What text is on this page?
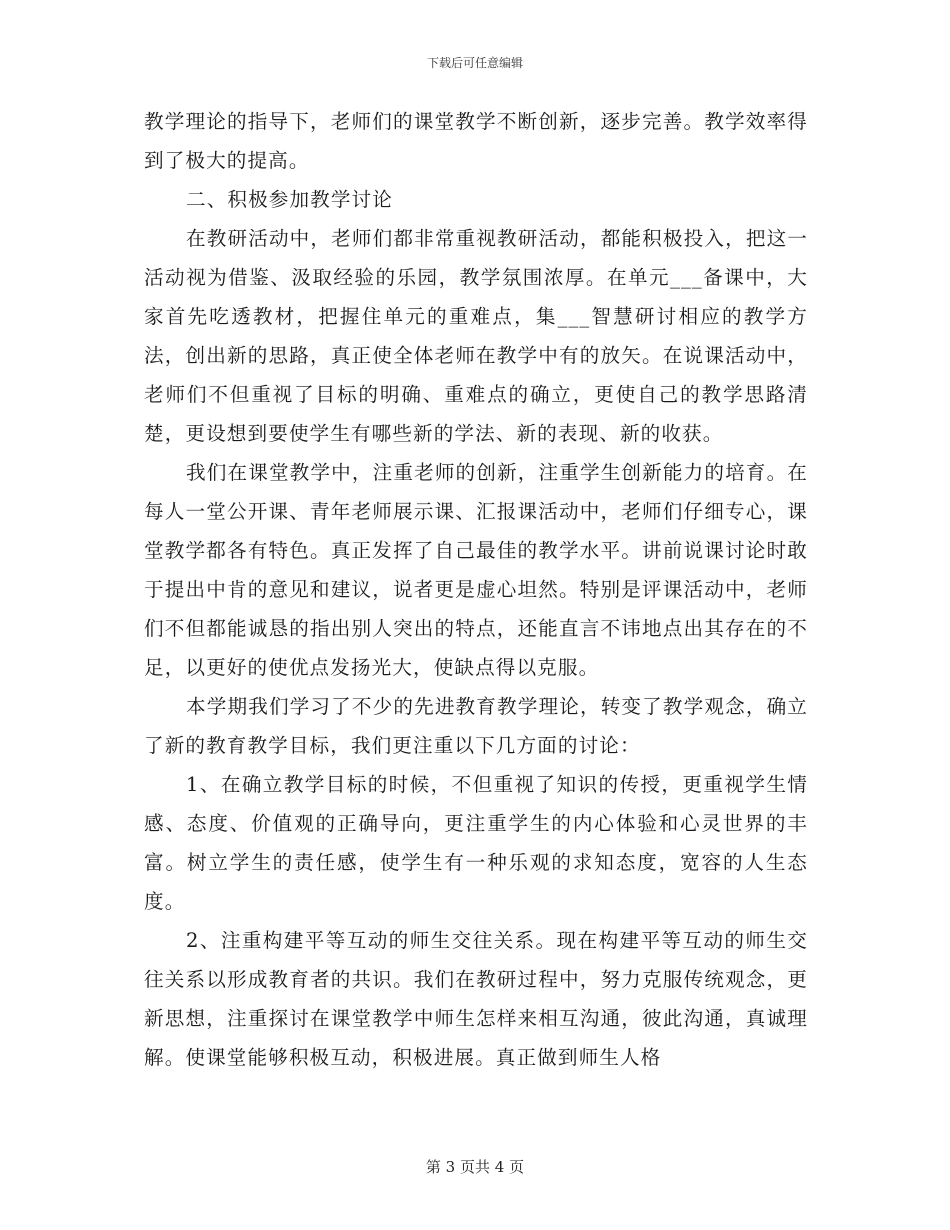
下载后可任意编辑

教学理论的指导下，老师们的课堂教学不断创新，逐步完善。教学效率得到了极大的提高。

二、积极参加教学讨论

在教研活动中，老师们都非常重视教研活动，都能积极投入，把这一活动视为借鉴、汲取经验的乐园，教学氛围浓厚。在单元___备课中，大家首先吃透教材，把握住单元的重难点，集___智慧研讨相应的教学方法，创出新的思路，真正使全体老师在教学中有的放矢。在说课活动中，老师们不但重视了目标的明确、重难点的确立，更使自己的教学思路清楚，更设想到要使学生有哪些新的学法、新的表现、新的收获。

我们在课堂教学中，注重老师的创新，注重学生创新能力的培育。在每人一堂公开课、青年老师展示课、汇报课活动中，老师们仔细专心，课堂教学都各有特色。真正发挥了自己最佳的教学水平。讲前说课讨论时敢于提出中肯的意见和建议，说者更是虚心坦然。特别是评课活动中，老师们不但都能诚恳的指出别人突出的特点，还能直言不讳地点出其存在的不足，以更好的使优点发扬光大，使缺点得以克服。

本学期我们学习了不少的先进教育教学理论，转变了教学观念，确立了新的教育教学目标，我们更注重以下几方面的讨论：

1、在确立教学目标的时候，不但重视了知识的传授，更重视学生情感、态度、价值观的正确导向，更注重学生的内心体验和心灵世界的丰富。树立学生的责任感，使学生有一种乐观的求知态度，宽容的人生态度。

2、注重构建平等互动的师生交往关系。现在构建平等互动的师生交往关系以形成教育者的共识。我们在教研过程中，努力克服传统观念，更新思想，注重探讨在课堂教学中师生怎样来相互沟通，彼此沟通，真诚理解。使课堂能够积极互动，积极进展。真正做到师生人格

第 3 页共 4 页
